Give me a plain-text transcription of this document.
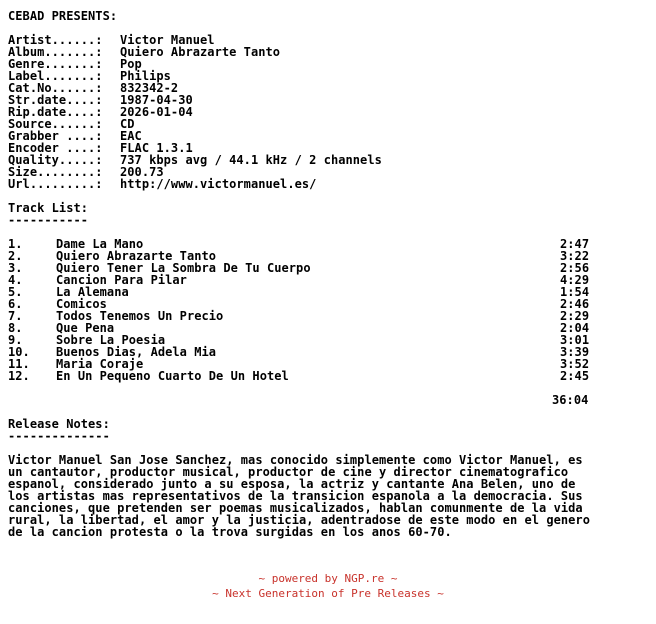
CEBAD PRESENTS:

Artist......: Victor Manuel
Album.......: Quiero Abrazarte Tanto
Genre.......: Pop
Label.......: Philips
Cat.No......: 832342-2
Str.date....: 1987-04-30
Rip.date....: 2026-01-04
Source......: CD
Grabber ....: EAC
Encoder ....: FLAC 1.3.1
Quality.....: 737 kbps avg / 44.1 kHz / 2 channels
Size........: 200.73
Url.........: http://www.victormanuel.es/

Track List:
-----------

1.	Dame La Mano	2:47
2.	Quiero Abrazarte Tanto	3:22
3.	Quiero Tener La Sombra De Tu Cuerpo	2:56
4.	Cancion Para Pilar	4:29
5.	La Alemana	1:54
6.	Comicos	2:46
7.	Todos Tenemos Un Precio	2:29
8.	Que Pena	2:04
9.	Sobre La Poesia	3:01
10. Buenos Dias, Adela Mia	3:39
11. Maria Coraje	3:52
12. En Un Pequeno Cuarto De Un Hotel	2:45

36:04

Release Notes:
--------------

Victor Manuel San Jose Sanchez, mas conocido simplemente como Victor Manuel, es
un cantautor, productor musical, productor de cine y director cinematografico
espanol, considerado junto a su esposa, la actriz y cantante Ana Belen, uno de
los artistas mas representativos de la transicion espanola a la democracia. Sus
canciones, que pretenden ser poemas musicalizados, hablan comunmente de la vida
rural, la libertad, el amor y la justicia, adentradose de este modo en el genero
de la cancion protesta o la trova surgidas en los anos 60-70.
~ powered by NGP.re ~
~ Next Generation of Pre Releases ~
